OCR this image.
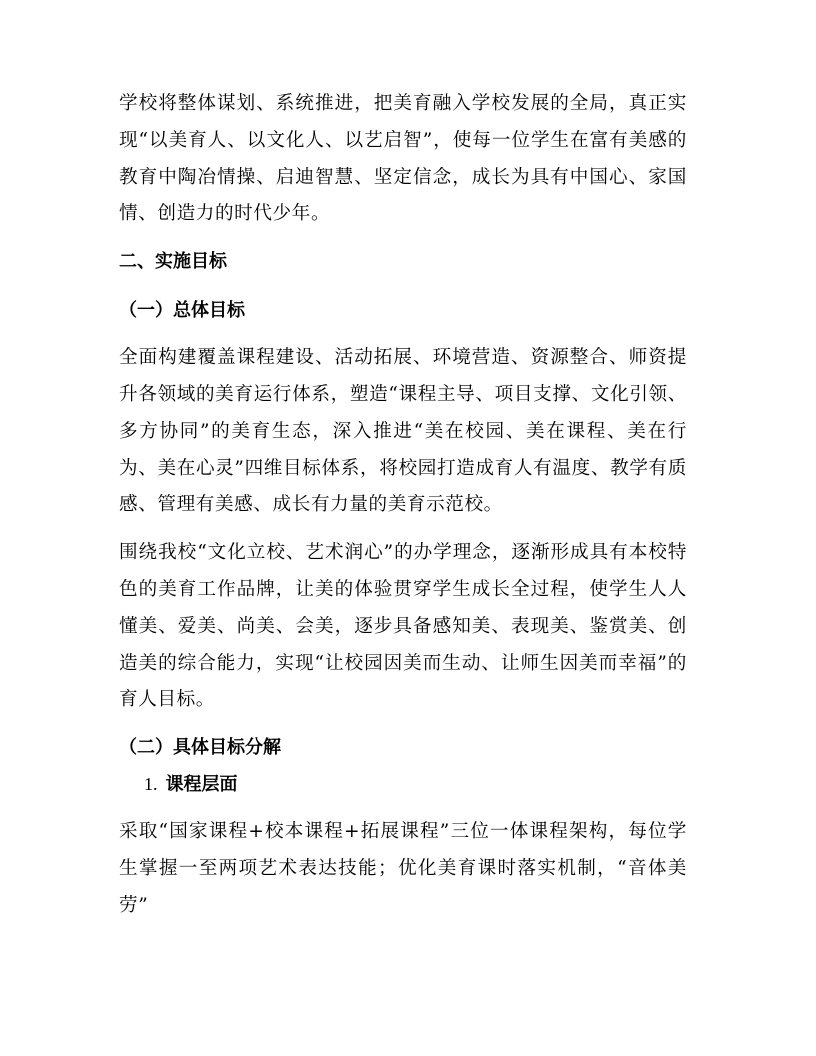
学校将整体谋划、系统推进，把美育融入学校发展的全局，真正实现“以美育人、以文化人、以艺启智”，使每一位学生在富有美感的教育中陶冶情操、启迪智慧、坚定信念，成长为具有中国心、家国情、创造力的时代少年。

二、实施目标
（一）总体目标

全面构建覆盖课程建设、活动拓展、环境营造、资源整合、师资提升各领域的美育运行体系，塑造“课程主导、项目支撑、文化引领、多方协同”的美育生态，深入推进“美在校园、美在课程、美在行为、美在心灵”四维目标体系，将校园打造成育人有温度、教学有质感、管理有美感、成长有力量的美育示范校。

围绕我校“文化立校、艺术润心”的办学理念，逐渐形成具有本校特色的美育工作品牌，让美的体验贯穿学生成长全过程，使学生人人懂美、爱美、尚美、会美，逐步具备感知美、表现美、鉴赏美、创造美的综合能力，实现“让校园因美而生动、让师生因美而幸福”的育人目标。

（二）具体目标分解
1. 课程层面

采取“国家课程+校本课程+拓展课程”三位一体课程架构，每位学生掌握一至两项艺术表达技能；优化美育课时落实机制，“音体美劳”
